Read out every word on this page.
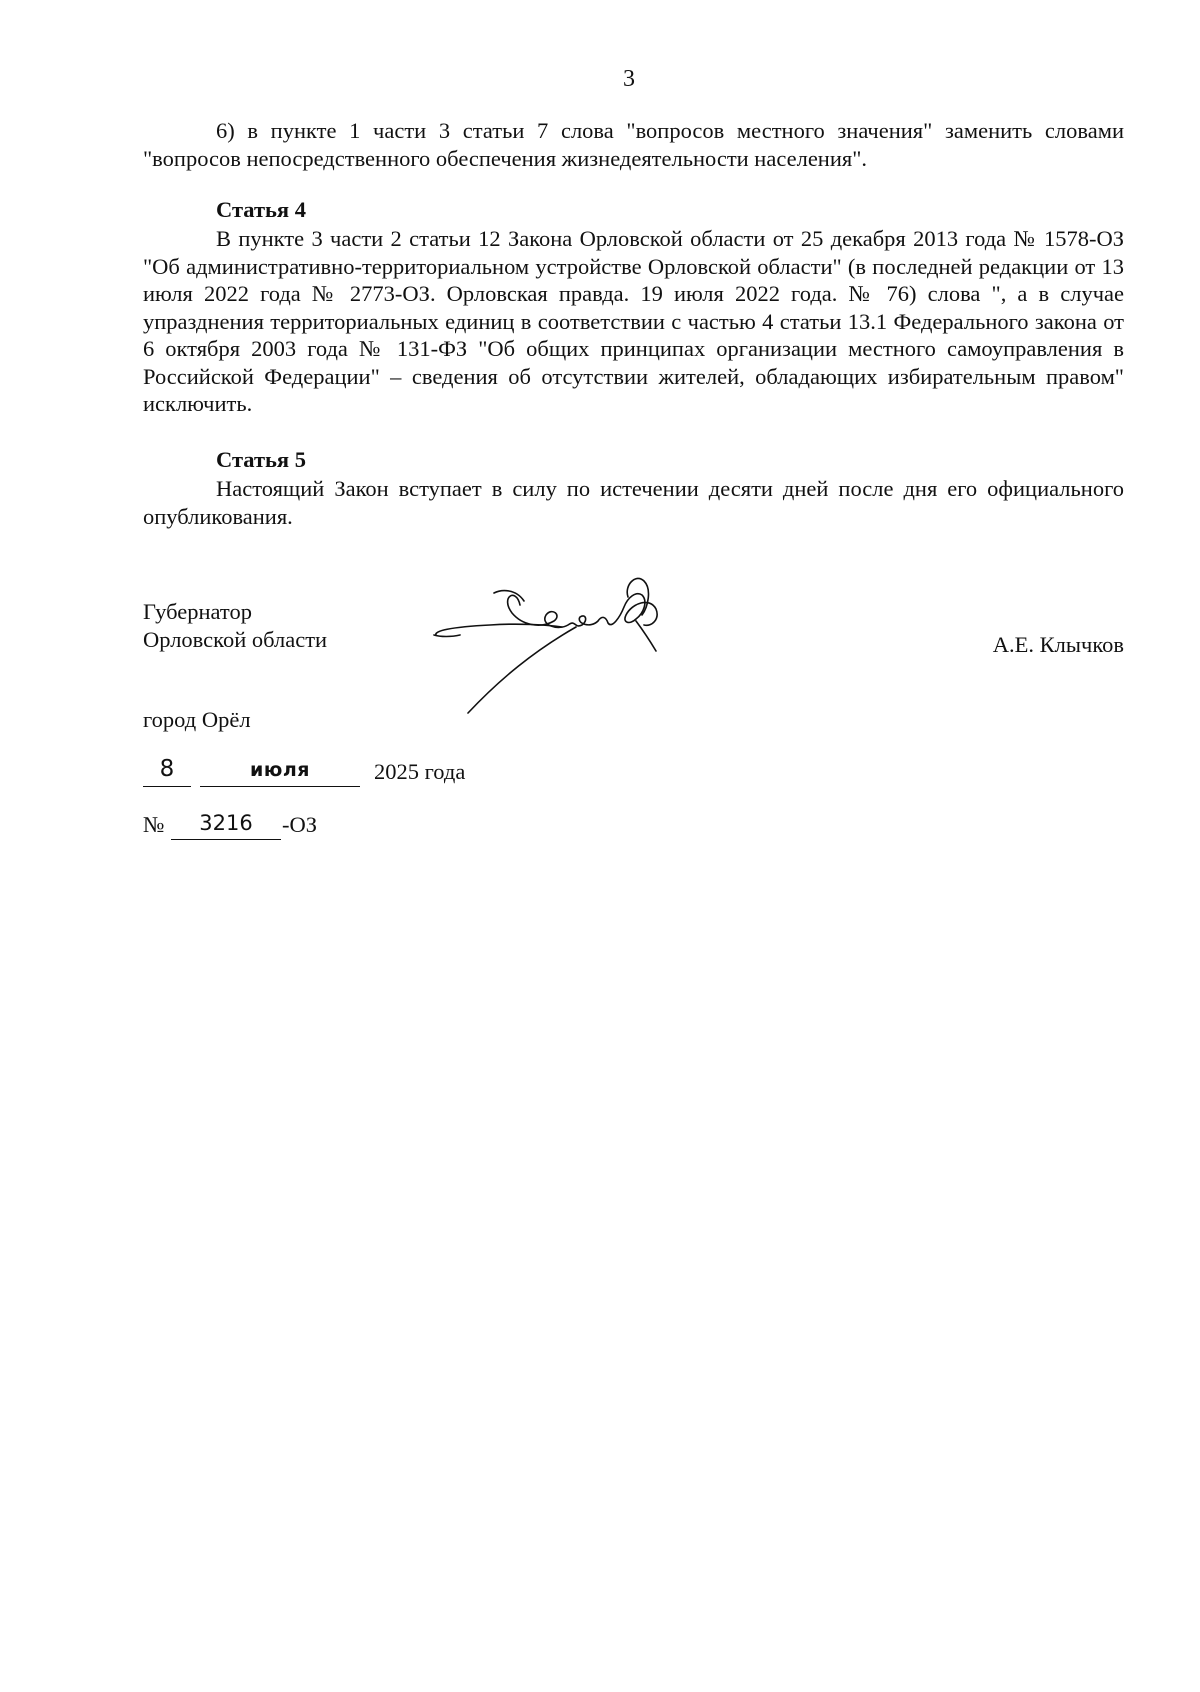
3

6) в пункте 1 части 3 статьи 7 слова "вопросов местного значения" заменить словами "вопросов непосредственного обеспечения жизнедеятельности населения".

Статья 4

В пункте 3 части 2 статьи 12 Закона Орловской области от 25 декабря 2013 года № 1578-ОЗ "Об административно-территориальном устройстве Орловской области" (в последней редакции от 13 июля 2022 года № 2773-ОЗ. Орловская правда. 19 июля 2022 года. № 76) слова ", а в случае упразднения территориальных единиц в соответствии с частью 4 статьи 13.1 Федерального закона от 6 октября 2003 года № 131-ФЗ "Об общих принципах организации местного самоуправления в Российской Федерации" – сведения об отсутствии жителей, обладающих избирательным правом" исключить.

Статья 5

Настоящий Закон вступает в силу по истечении десяти дней после дня его официального опубликования.

Губернатор
Орловской области	А.Е. Клычков
город Орёл
8	июля	2025 года
№	3216	-ОЗ
